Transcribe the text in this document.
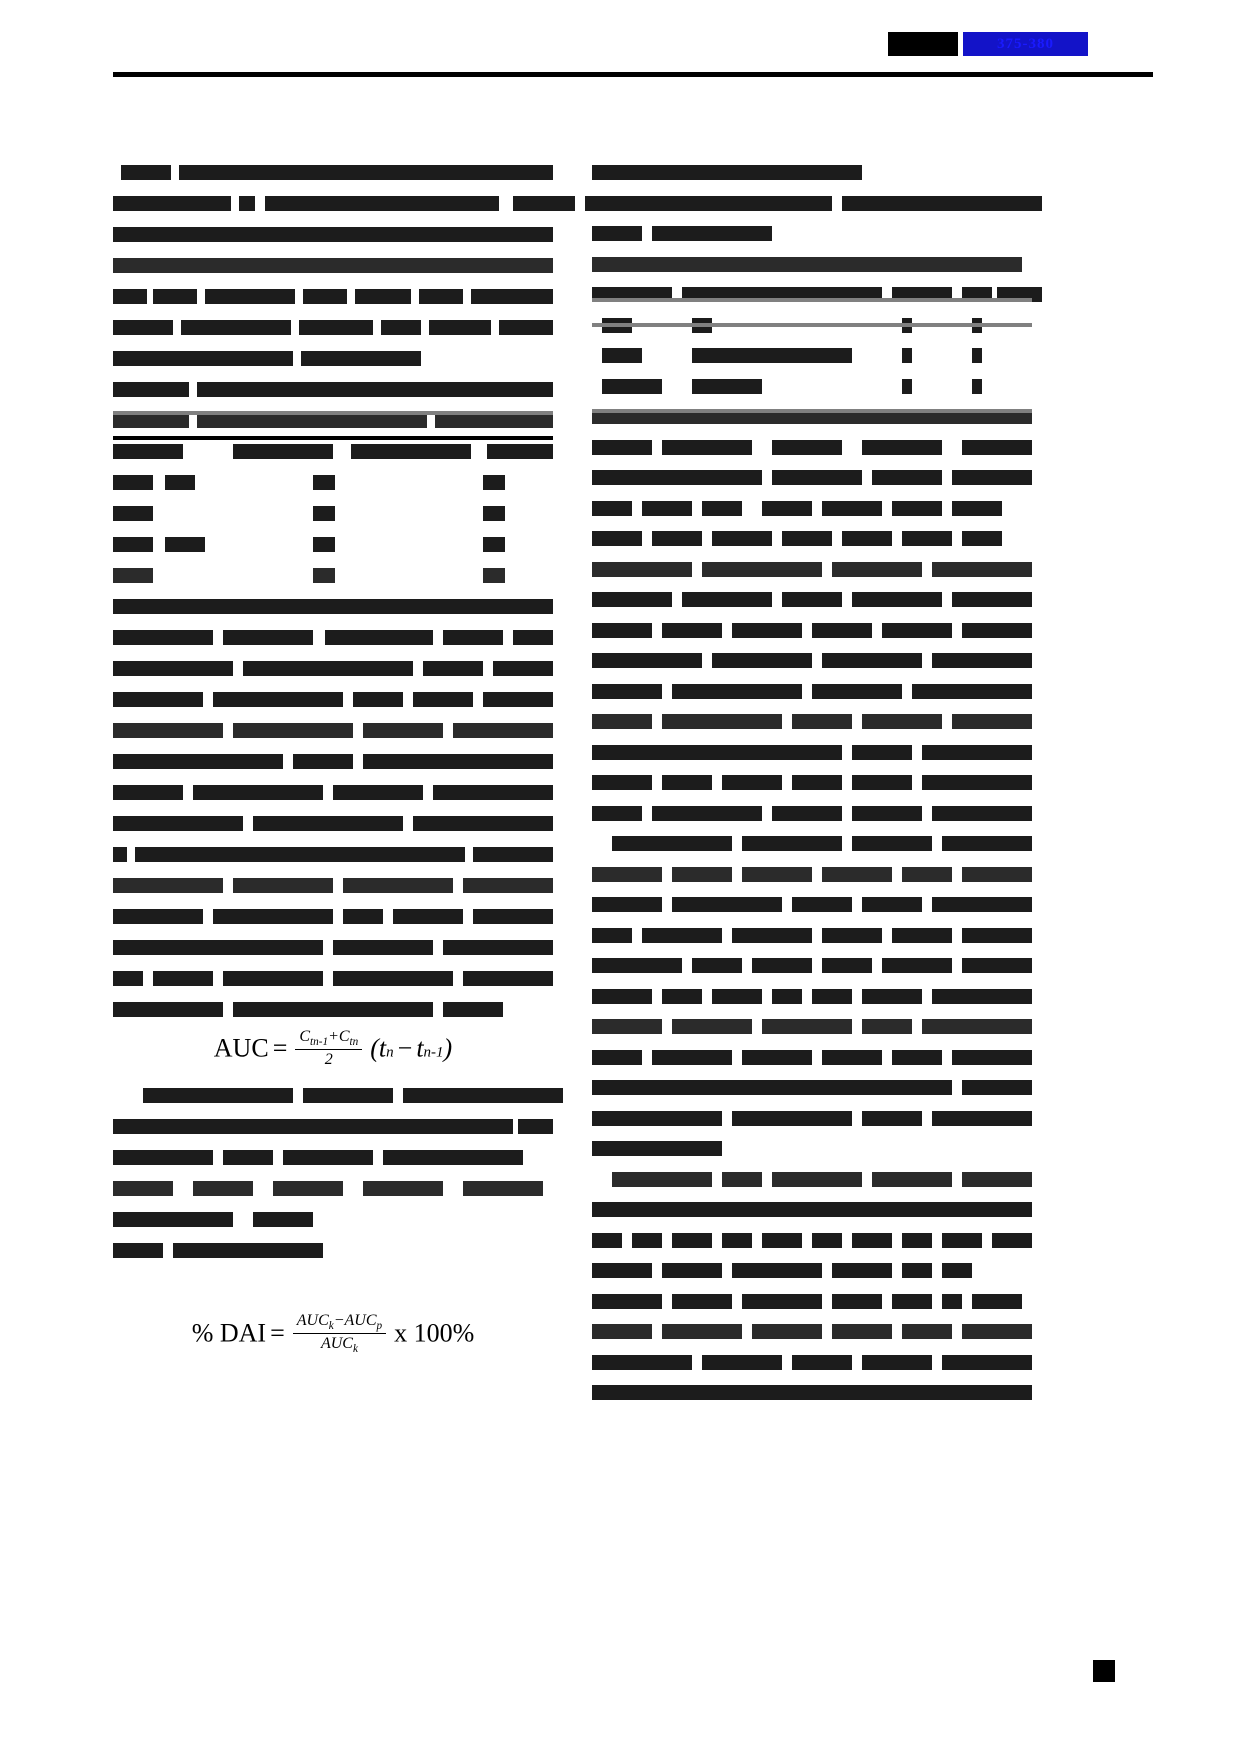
375-380
AUC = $\frac{C_{tn-1}+C_{tn}}{2} (t_n - t_{n-1})$
% DAI = $\frac{AUC_k-AUC_p}{AUC_k}$ x 100%
